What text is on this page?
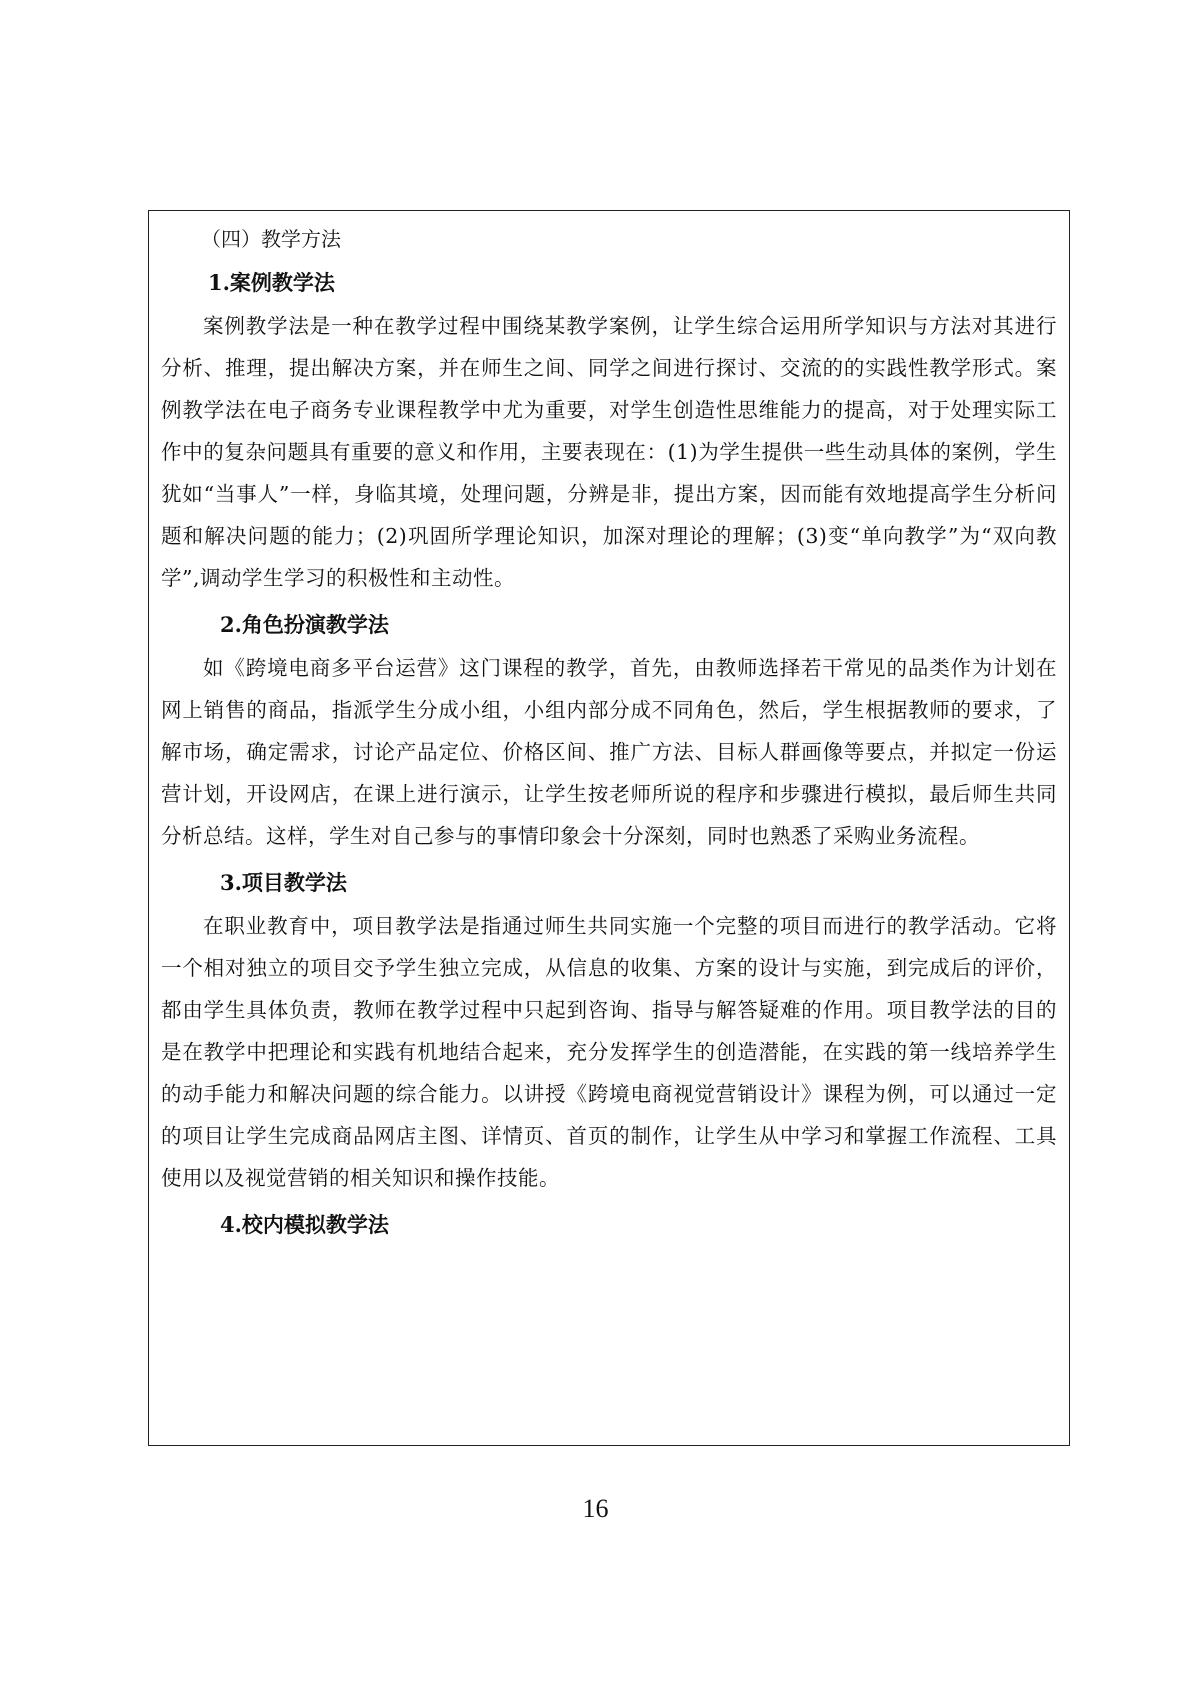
（四）教学方法
1.案例教学法

案例教学法是一种在教学过程中围绕某教学案例，让学生综合运用所学知识与方法对其进行分析、推理，提出解决方案，并在师生之间、同学之间进行探讨、交流的的实践性教学形式。案例教学法在电子商务专业课程教学中尤为重要，对学生创造性思维能力的提高，对于处理实际工作中的复杂问题具有重要的意义和作用，主要表现在：(1)为学生提供一些生动具体的案例，学生犹如“当事人”一样，身临其境，处理问题，分辨是非，提出方案，因而能有效地提高学生分析问题和解决问题的能力；(2)巩固所学理论知识，加深对理论的理解；(3)变“单向教学”为“双向教学”,调动学生学习的积极性和主动性。

2.角色扮演教学法

如《跨境电商多平台运营》这门课程的教学，首先，由教师选择若干常见的品类作为计划在网上销售的商品，指派学生分成小组，小组内部分成不同角色，然后，学生根据教师的要求，了解市场，确定需求，讨论产品定位、价格区间、推广方法、目标人群画像等要点，并拟定一份运营计划，开设网店，在课上进行演示，让学生按老师所说的程序和步骤进行模拟，最后师生共同分析总结。这样，学生对自己参与的事情印象会十分深刻，同时也熟悉了采购业务流程。

3.项目教学法

在职业教育中，项目教学法是指通过师生共同实施一个完整的项目而进行的教学活动。它将一个相对独立的项目交予学生独立完成，从信息的收集、方案的设计与实施，到完成后的评价，都由学生具体负责，教师在教学过程中只起到咨询、指导与解答疑难的作用。项目教学法的目的是在教学中把理论和实践有机地结合起来，充分发挥学生的创造潜能，在实践的第一线培养学生的动手能力和解决问题的综合能力。以讲授《跨境电商视觉营销设计》课程为例，可以通过一定的项目让学生完成商品网店主图、详情页、首页的制作，让学生从中学习和掌握工作流程、工具使用以及视觉营销的相关知识和操作技能。

4.校内模拟教学法
16
